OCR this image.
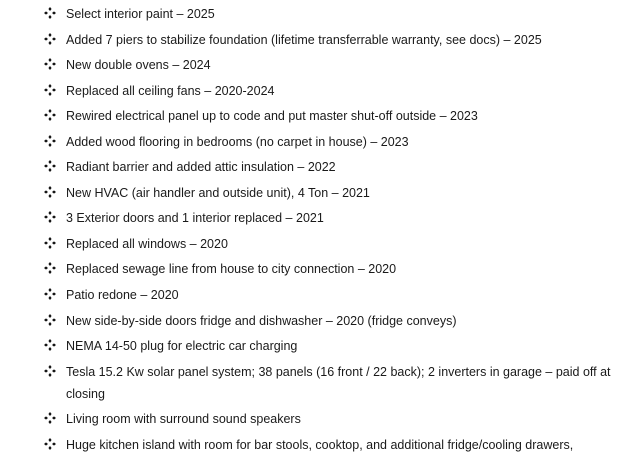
Select interior paint – 2025
Added 7 piers to stabilize foundation (lifetime transferrable warranty, see docs) – 2025
New double ovens – 2024
Replaced all ceiling fans – 2020-2024
Rewired electrical panel up to code and put master shut-off outside – 2023
Added wood flooring in bedrooms (no carpet in house) – 2023
Radiant barrier and added attic insulation – 2022
New HVAC (air handler and outside unit), 4 Ton – 2021
3 Exterior doors and 1 interior replaced – 2021
Replaced all windows – 2020
Replaced sewage line from house to city connection – 2020
Patio redone – 2020
New side-by-side doors fridge and dishwasher – 2020 (fridge conveys)
NEMA 14-50 plug for electric car charging
Tesla 15.2 Kw solar panel system; 38 panels (16 front / 22 back); 2 inverters in garage – paid off at closing
Living room with surround sound speakers
Huge kitchen island with room for bar stools, cooktop, and additional fridge/cooling drawers,
